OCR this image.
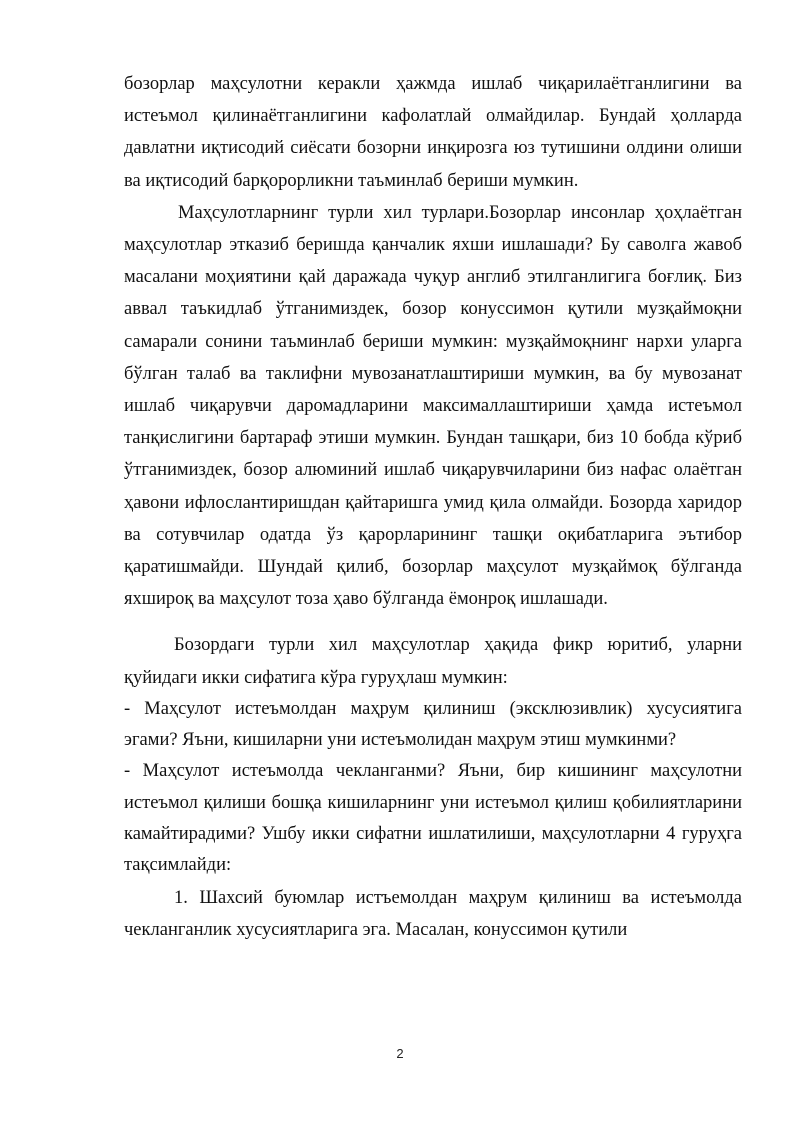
бозорлар маҳсулотни керакли ҳажмда ишлаб чиқарилаётганлигини ва истеъмол қилинаётганлигини кафолатлай олмайдилар. Бундай ҳолларда давлатни иқтисодий сиёсати бозорни инқирозга юз тутишини олдини олиши ва иқтисодий барқорорликни таъминлаб бериши мумкин.

Маҳсулотларнинг турли хил турлари.Бозорлар инсонлар ҳоҳлаётган маҳсулотлар этказиб беришда қанчалик яхши ишлашади? Бу саволга жавоб масалани моҳиятини қай даражада чуқур англиб этилганлигига боғлиқ. Биз аввал таъкидлаб ўтганимиздек, бозор конуссимон қутили музқаймоқни самарали сонини таъминлаб бериши мумкин: музқаймоқнинг нархи уларга бўлган талаб ва таклифни мувозанатлаштириши мумкин, ва бу мувозанат ишлаб чиқарувчи даромадларини максималлаштириши ҳамда истеъмол танқислигини бартараф этиши мумкин. Бундан ташқари, биз 10 бобда кўриб ўтганимиздек, бозор алюминий ишлаб чиқарувчиларини биз нафас олаётган ҳавони ифлослантиришдан қайтаришга умид қила олмайди. Бозорда харидор ва сотувчилар одатда ўз қарорларининг ташқи оқибатларига эътибор қаратишмайди. Шундай қилиб, бозорлар маҳсулот музқаймоқ бўлганда яхшироқ ва маҳсулот тоза ҳаво бўлганда ёмонроқ ишлашади.

Бозордаги турли хил маҳсулотлар ҳақида фикр юритиб, уларни қуйидаги икки сифатига кўра гуруҳлаш мумкин:

- Маҳсулот истеъмолдан маҳрум қилиниш (эксклюзивлик) хусусиятига эгами? Яъни, кишиларни уни истеъмолидан маҳрум этиш мумкинми?

- Маҳсулот истеъмолда чекланганми? Яъни, бир кишининг маҳсулотни истеъмол қилиши бошқа кишиларнинг уни истеъмол қилиш қобилиятларини камайтирадими? Ушбу икки сифатни ишлатилиши, маҳсулотларни 4 гуруҳга тақсимлайди:

1. Шахсий буюмлар истъемолдан маҳрум қилиниш ва истеъмолда чекланганлик хусусиятларига эга. Масалан, конуссимон қутили

2
